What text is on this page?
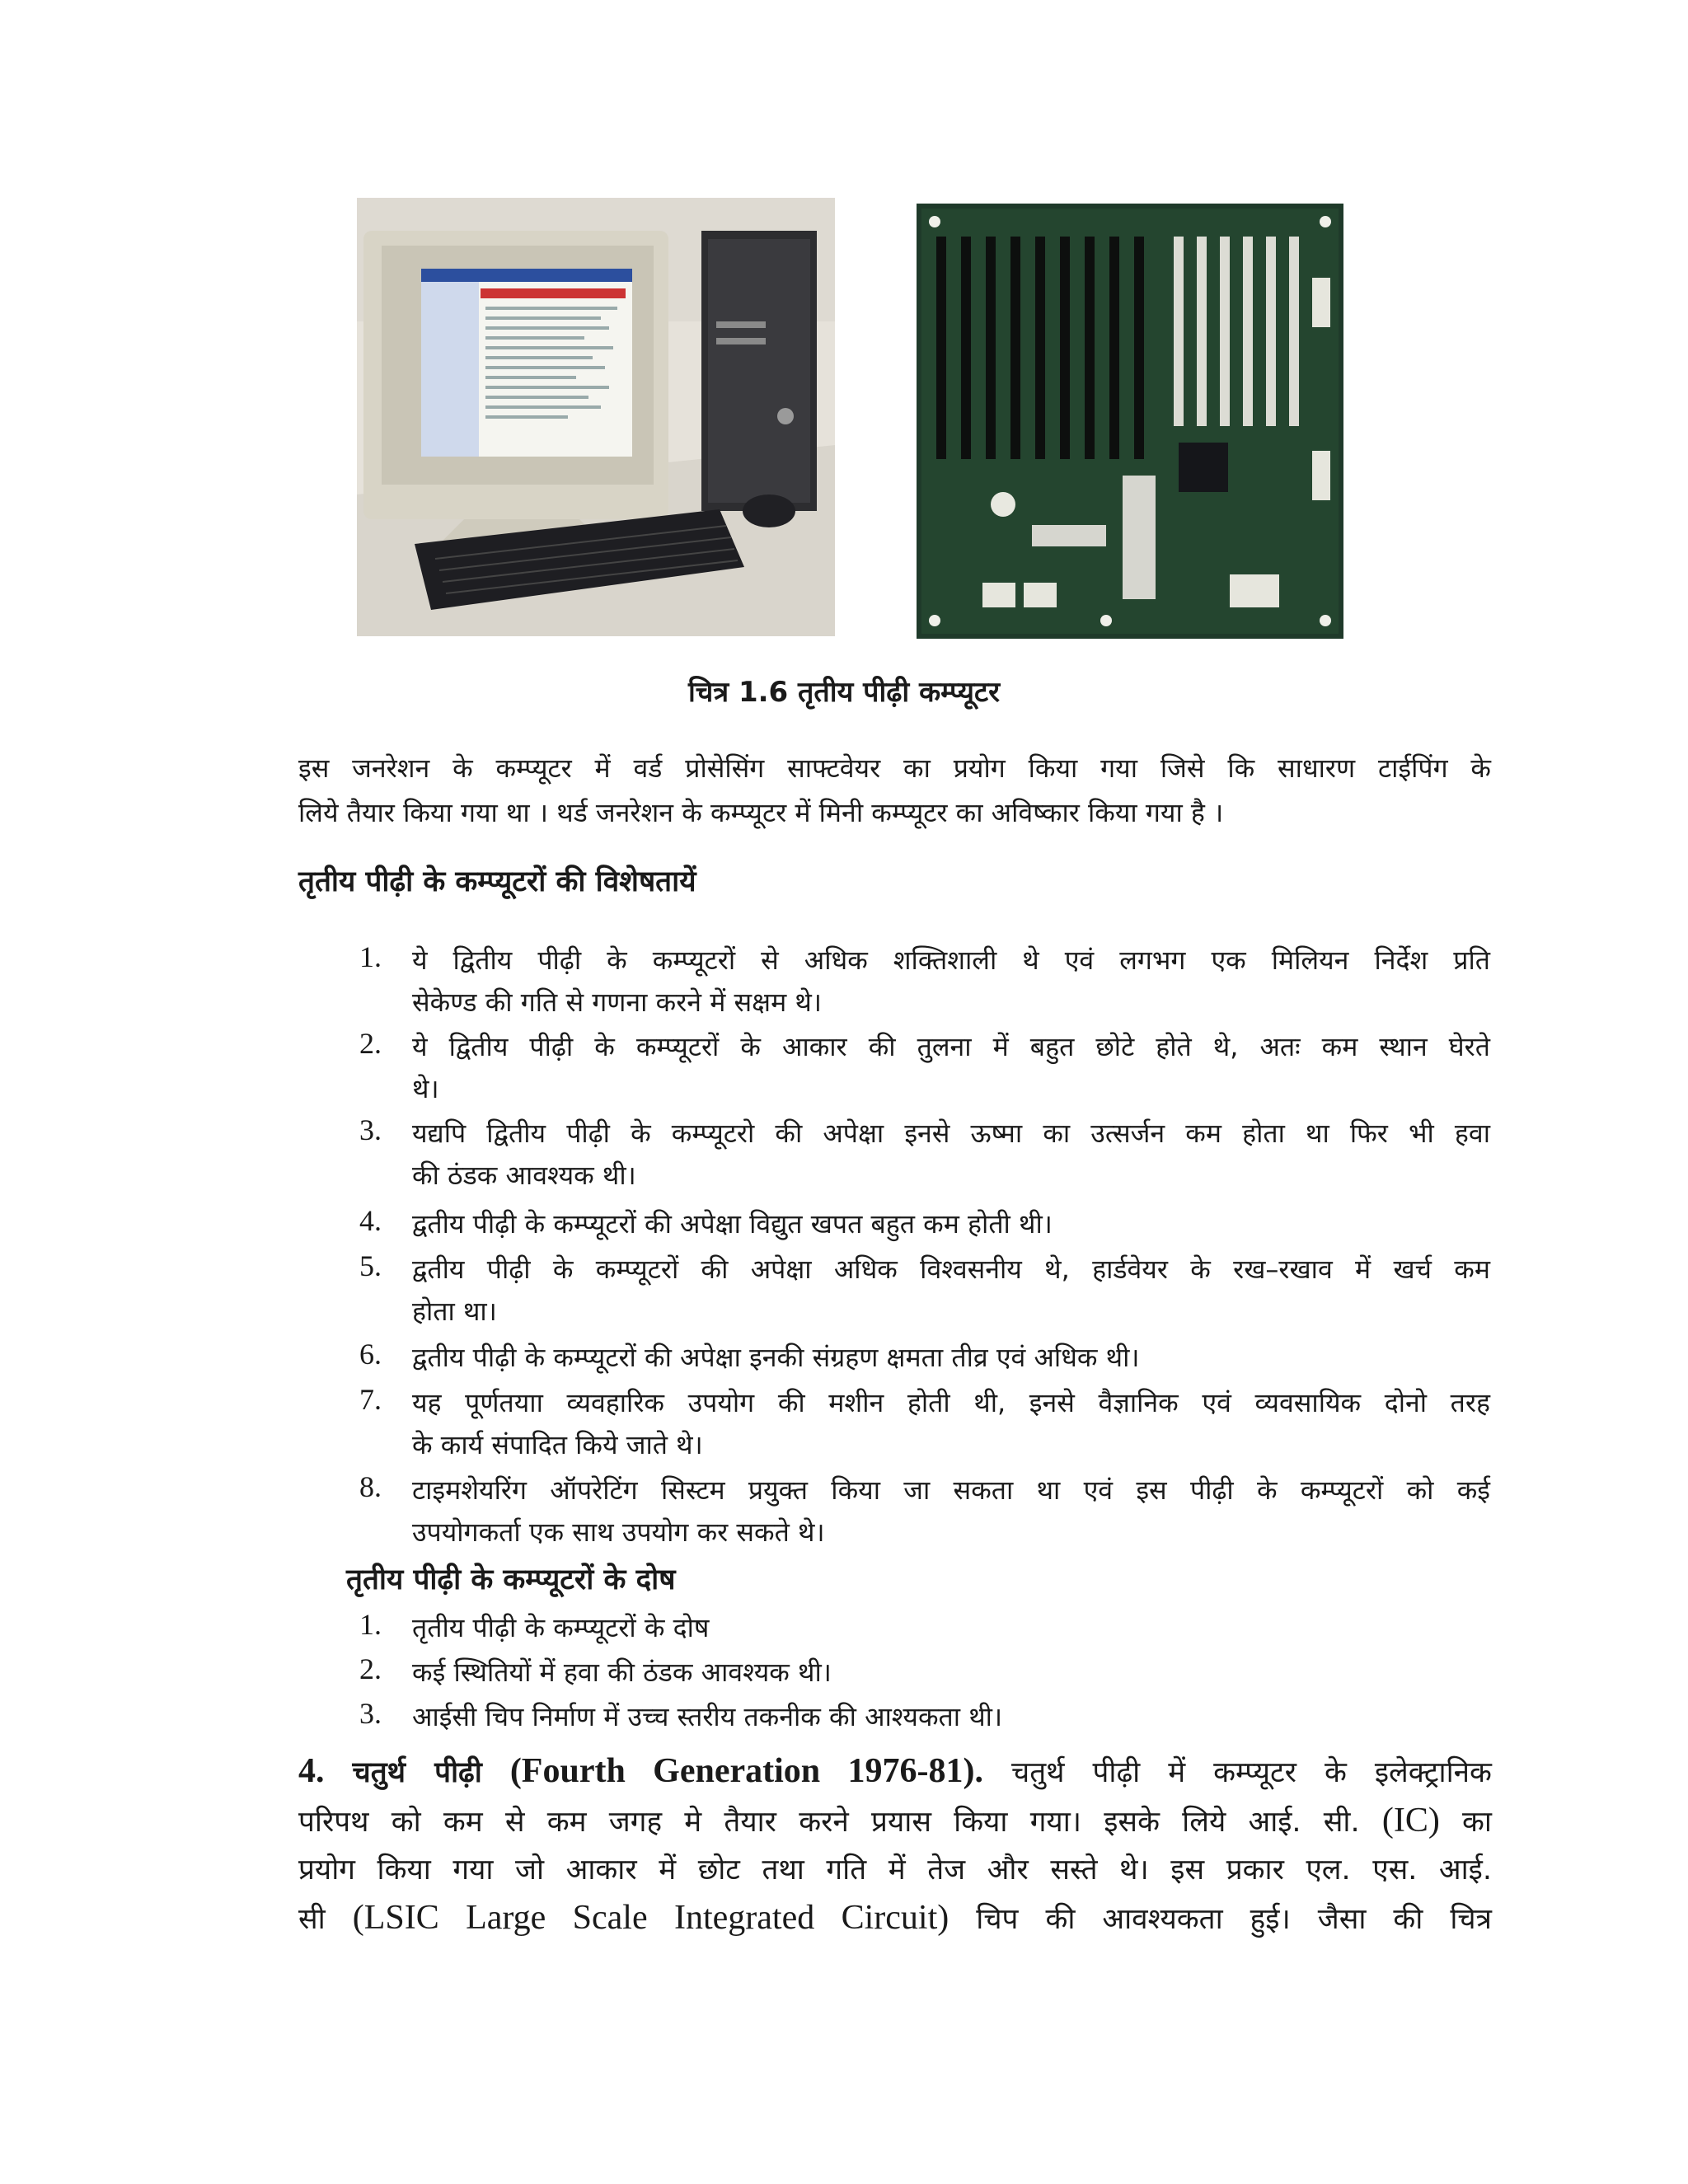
चित्र 1.6 तृतीय पीढ़ी कम्प्यूटर
इस जनरेशन के कम्प्यूटर में वर्ड प्रोसेसिंग साफ्टवेयर का प्रयोग किया गया जिसे कि साधारण टाईपिंग के
लिये तैयार किया गया था । थर्ड जनरेशन के कम्प्यूटर में मिनी कम्प्यूटर का अविष्कार किया गया है ।
तृतीय पीढ़ी के कम्प्यूटरों की विशेषतायें
1.	ये द्वितीय पीढ़ी के कम्प्यूटरों से अधिक शक्तिशाली थे एवं लगभग एक मिलियन निर्देश प्रति
सेकेण्ड की गति से गणना करने में सक्षम थे।
2.	ये द्वितीय पीढ़ी के कम्प्यूटरों के आकार की तुलना में बहुत छोटे होते थे, अतः कम स्थान घेरते
थे।
3.	यद्यपि द्वितीय पीढ़ी के कम्प्यूटरो की अपेक्षा इनसे ऊष्मा का उत्सर्जन कम होता था फिर भी हवा
की ठंडक आवश्यक थी।
4.	द्वतीय पीढ़ी के कम्प्यूटरों की अपेक्षा विद्युत खपत बहुत कम होती थी।
5.	द्वतीय पीढ़ी के कम्प्यूटरों की अपेक्षा अधिक विश्वसनीय थे, हार्डवेयर के रख–रखाव में खर्च कम
होता था।
6.	द्वतीय पीढ़ी के कम्प्यूटरों की अपेक्षा इनकी संग्रहण क्षमता तीव्र एवं अधिक थी।
7.	यह पूर्णतयाा व्यवहारिक उपयोग की मशीन होती थी, इनसे वैज्ञानिक एवं व्यवसायिक दोनो तरह
के कार्य संपादित किये जाते थे।
8.	टाइमशेयरिंग ऑपरेटिंग सिस्टम प्रयुक्त किया जा सकता था एवं इस पीढ़ी के कम्प्यूटरों को कई
उपयोगकर्ता एक साथ उपयोग कर सकते थे।
तृतीय पीढ़ी के कम्प्यूटरों के दोष
1.	तृतीय पीढ़ी के कम्प्यूटरों के दोष
2.	कई स्थितियों में हवा की ठंडक आवश्यक थी।
3.	आईसी चिप निर्माण में उच्च स्तरीय तकनीक की आश्यकता थी।
4. चतुर्थ पीढ़ी (Fourth Generation 1976-81). चतुर्थ पीढ़ी में कम्प्यूटर के इलेक्ट्रानिक
परिपथ को कम से कम जगह मे तैयार करने प्रयास किया गया। इसके लिये आई. सी. (IC) का
प्रयोग किया गया जो आकार में छोट तथा गति में तेज और सस्ते थे। इस प्रकार एल. एस. आई.
सी (LSIC Large Scale Integrated Circuit) चिप की आवश्यकता हुई। जैसा की चित्र
